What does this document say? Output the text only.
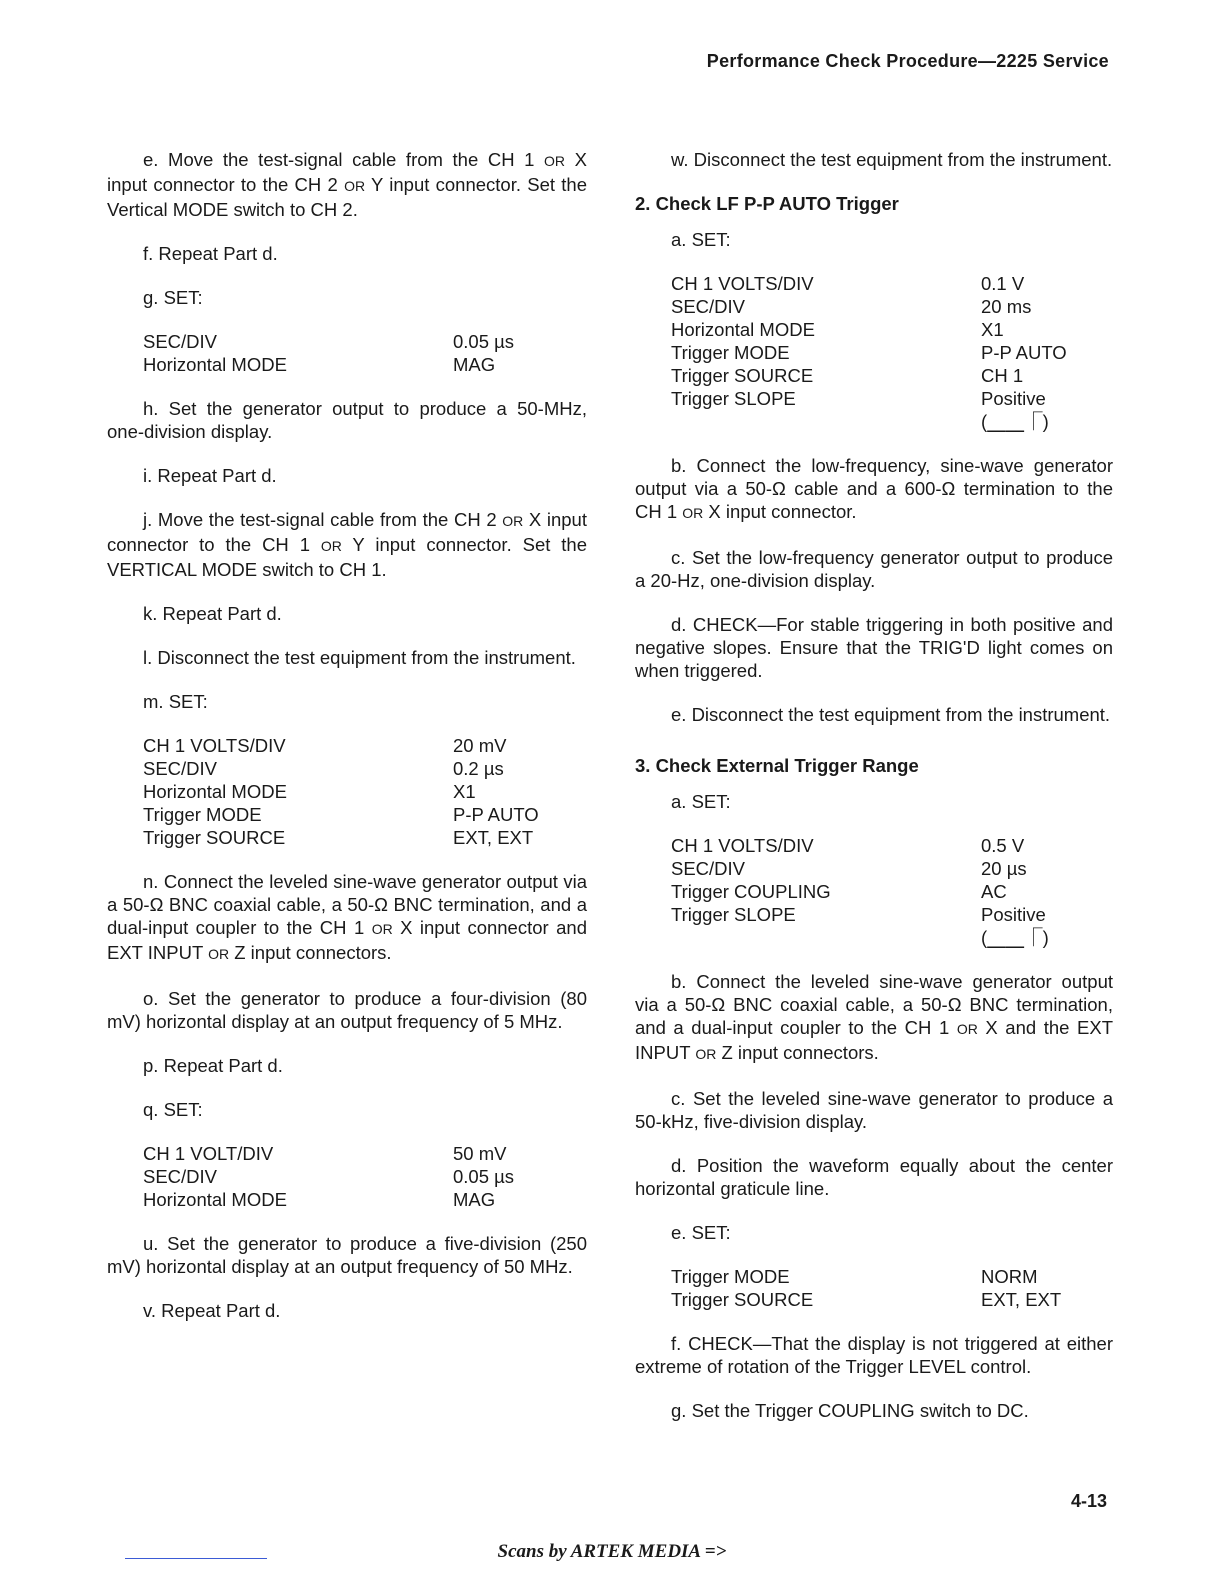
Performance Check Procedure—2225 Service

e. Move the test-signal cable from the CH 1 OR X input connector to the CH 2 OR Y input connector. Set the Vertical MODE switch to CH 2.

f. Repeat Part d.

g. SET:

SEC/DIV	0.05 µs
Horizontal MODE	MAG

h. Set the generator output to produce a 50-MHz, one-division display.

i. Repeat Part d.

j. Move the test-signal cable from the CH 2 OR X input connector to the CH 1 OR Y input connector. Set the VERTICAL MODE switch to CH 1.

k. Repeat Part d.

l. Disconnect the test equipment from the instrument.

m. SET:

CH 1 VOLTS/DIV	20 mV
SEC/DIV	0.2 µs
Horizontal MODE	X1
Trigger MODE	P-P AUTO
Trigger SOURCE	EXT, EXT

n. Connect the leveled sine-wave generator output via a 50-Ω BNC coaxial cable, a 50-Ω BNC termination, and a dual-input coupler to the CH 1 OR X input connector and EXT INPUT OR Z input connectors.

o. Set the generator to produce a four-division (80 mV) horizontal display at an output frequency of 5 MHz.

p. Repeat Part d.

q. SET:

CH 1 VOLT/DIV	50 mV
SEC/DIV	0.05 µs
Horizontal MODE	MAG

u. Set the generator to produce a five-division (250 mV) horizontal display at an output frequency of 50 MHz.

v. Repeat Part d.

w. Disconnect the test equipment from the instrument.

2. Check LF P-P AUTO Trigger

a. SET:

CH 1 VOLTS/DIV	0.1 V
SEC/DIV	20 ms
Horizontal MODE	X1
Trigger MODE	P-P AUTO
Trigger SOURCE	CH 1
Trigger SLOPE	Positive (⎽⎽⎾)

b. Connect the low-frequency, sine-wave generator output via a 50-Ω cable and a 600-Ω termination to the CH 1 OR X input connector.

c. Set the low-frequency generator output to produce a 20-Hz, one-division display.

d. CHECK—For stable triggering in both positive and negative slopes. Ensure that the TRIG'D light comes on when triggered.

e. Disconnect the test equipment from the instrument.

3. Check External Trigger Range

a. SET:

CH 1 VOLTS/DIV	0.5 V
SEC/DIV	20 µs
Trigger COUPLING	AC
Trigger SLOPE	Positive (⎽⎽⎾)

b. Connect the leveled sine-wave generator output via a 50-Ω BNC coaxial cable, a 50-Ω BNC termination, and a dual-input coupler to the CH 1 OR X and the EXT INPUT OR Z input connectors.

c. Set the leveled sine-wave generator to produce a 50-kHz, five-division display.

d. Position the waveform equally about the center horizontal graticule line.

e. SET:

Trigger MODE	NORM
Trigger SOURCE	EXT, EXT

f. CHECK—That the display is not triggered at either extreme of rotation of the Trigger LEVEL control.

g. Set the Trigger COUPLING switch to DC.

4-13
Scans by ARTEK MEDIA =>
